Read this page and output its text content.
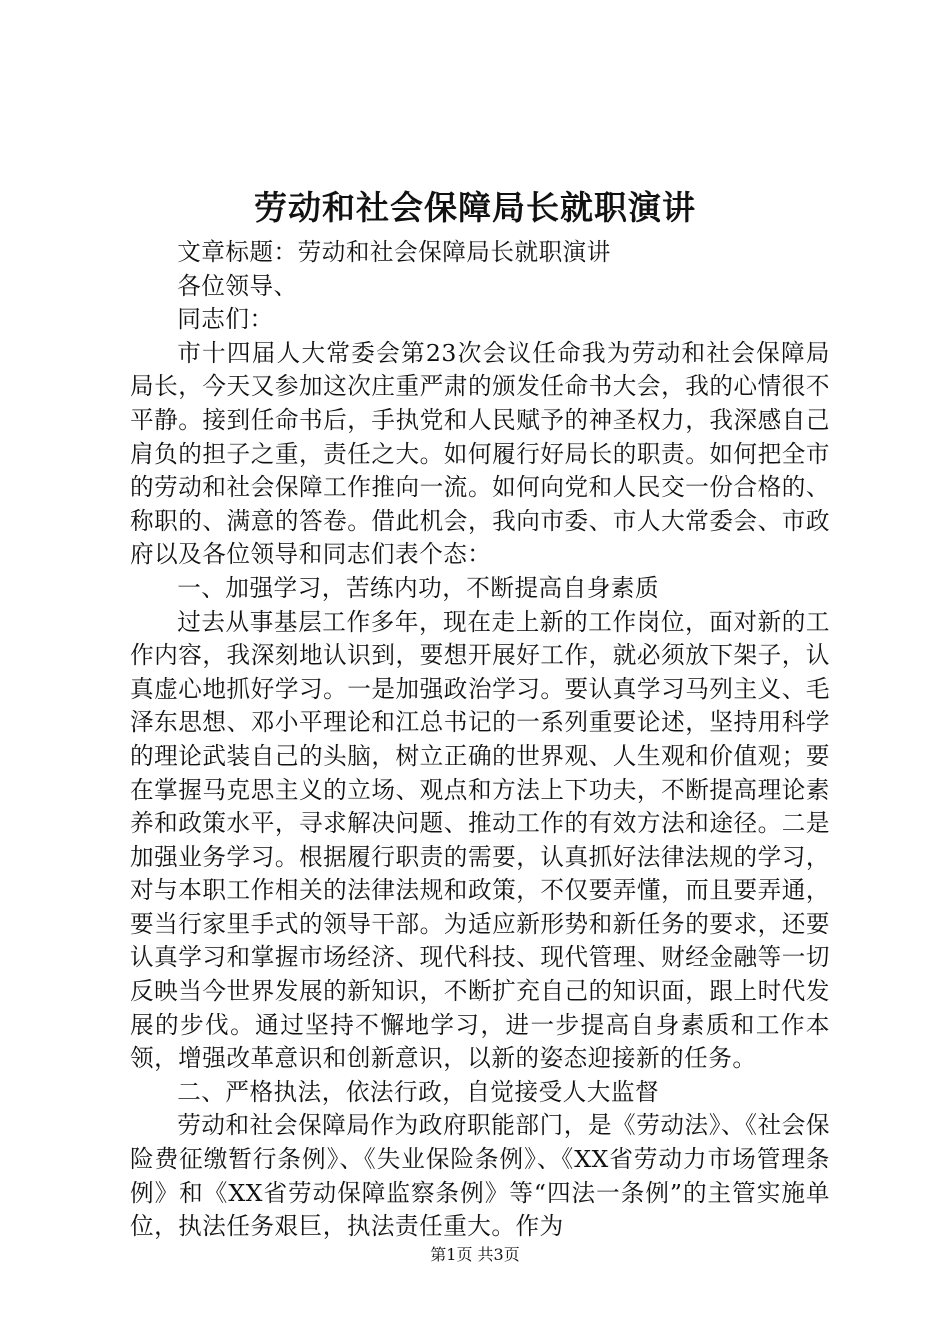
劳动和社会保障局长就职演讲

文章标题：劳动和社会保障局长就职演讲

各位领导、

同志们：

市十四届人大常委会第23次会议任命我为劳动和社会保障局局长，今天又参加这次庄重严肃的颁发任命书大会，我的心情很不平静。接到任命书后，手执党和人民赋予的神圣权力，我深感自己肩负的担子之重，责任之大。如何履行好局长的职责。如何把全市的劳动和社会保障工作推向一流。如何向党和人民交一份合格的、称职的、满意的答卷。借此机会，我向市委、市人大常委会、市政府以及各位领导和同志们表个态：

一、加强学习，苦练内功，不断提高自身素质

过去从事基层工作多年，现在走上新的工作岗位，面对新的工作内容，我深刻地认识到，要想开展好工作，就必须放下架子，认真虚心地抓好学习。一是加强政治学习。要认真学习马列主义、毛泽东思想、邓小平理论和江总书记的一系列重要论述，坚持用科学的理论武装自己的头脑，树立正确的世界观、人生观和价值观；要在掌握马克思主义的立场、观点和方法上下功夫，不断提高理论素养和政策水平，寻求解决问题、推动工作的有效方法和途径。二是加强业务学习。根据履行职责的需要，认真抓好法律法规的学习，对与本职工作相关的法律法规和政策，不仅要弄懂，而且要弄通，要当行家里手式的领导干部。为适应新形势和新任务的要求，还要认真学习和掌握市场经济、现代科技、现代管理、财经金融等一切反映当今世界发展的新知识，不断扩充自己的知识面，跟上时代发展的步伐。通过坚持不懈地学习，进一步提高自身素质和工作本领，增强改革意识和创新意识，以新的姿态迎接新的任务。

二、严格执法，依法行政，自觉接受人大监督

劳动和社会保障局作为政府职能部门，是《劳动法》、《社会保险费征缴暂行条例》、《失业保险条例》、《XX省劳动力市场管理条例》和《XX省劳动保障监察条例》等“四法一条例”的主管实施单位，执法任务艰巨，执法责任重大。作为

第1页 共3页
